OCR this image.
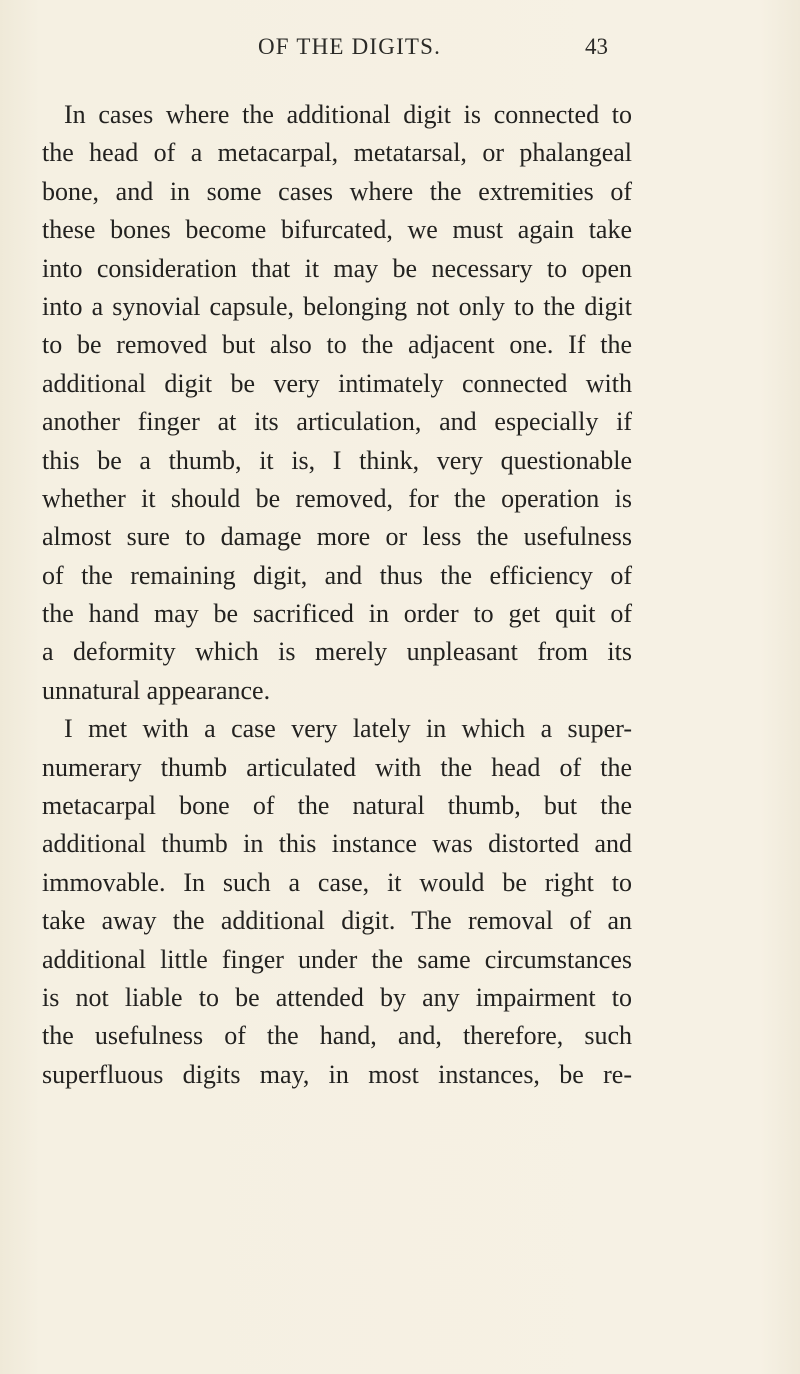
OF THE DIGITS.	43
In cases where the additional digit is connected to
the head of a metacarpal, metatarsal, or phalangeal
bone, and in some cases where the extremities of
these bones become bifurcated, we must again take
into consideration that it may be necessary to open
into a synovial capsule, belonging not only to the digit
to be removed but also to the adjacent one. If the
additional digit be very intimately connected with
another finger at its articulation, and especially if
this be a thumb, it is, I think, very questionable
whether it should be removed, for the operation is
almost sure to damage more or less the usefulness
of the remaining digit, and thus the efficiency of
the hand may be sacrificed in order to get quit of
a deformity which is merely unpleasant from its
unnatural appearance.
I met with a case very lately in which a super-
numerary thumb articulated with the head of the
metacarpal bone of the natural thumb, but the
additional thumb in this instance was distorted and
immovable. In such a case, it would be right to
take away the additional digit. The removal of an
additional little finger under the same circumstances
is not liable to be attended by any impairment to
the usefulness of the hand, and, therefore, such
superfluous digits may, in most instances, be re-
